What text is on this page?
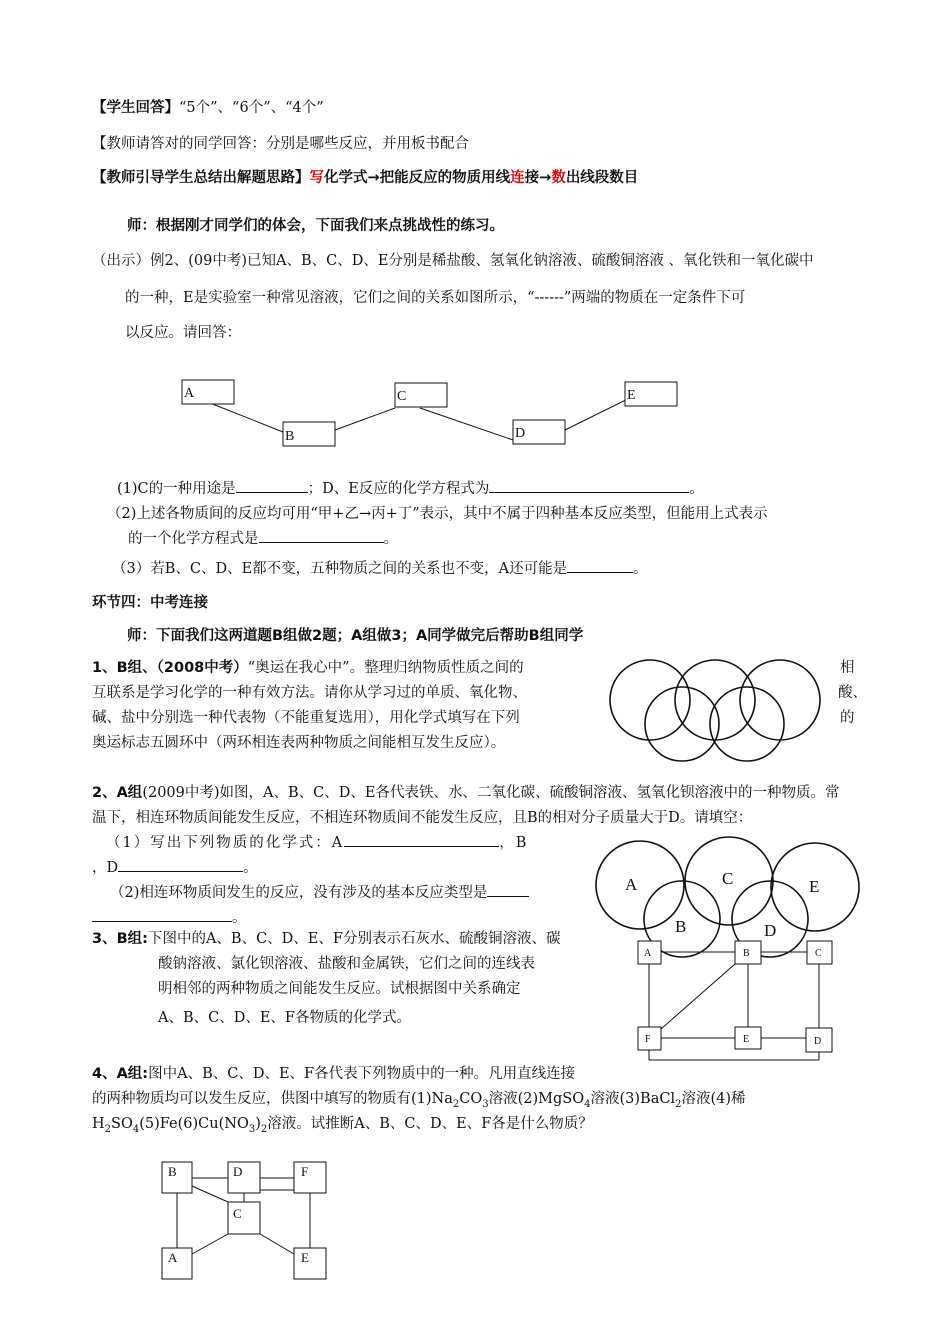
【学生回答】“5个”、“6个”、“4个”
【教师请答对的同学回答：分别是哪些反应，并用板书配合
【教师引导学生总结出解题思路】写化学式→把能反应的物质用线连接→数出线段数目
师：根据刚才同学们的体会，下面我们来点挑战性的练习。
（出示）例2、(09中考)已知A、B、C、D、E分别是稀盐酸、氢氧化钠溶液、硫酸铜溶液 、氧化铁和一氧化碳中
的一种，E是实验室一种常见溶液，它们之间的关系如图所示，“------”两端的物质在一定条件下可
以反应。请回答：
A
B
C
D
E
(1)C的一种用途是	；D、E反应的化学方程式为	。
（2)上述各物质间的反应均可用“甲+乙→丙+丁”表示，其中不属于四种基本反应类型，但能用上式表示
的一个化学方程式是	。
（3）若B、C、D、E都不变，五种物质之间的关系也不变，A还可能是	。
环节四：中考连接
师：下面我们这两道题B组做2题；A组做3；A同学做完后帮助B组同学
1、B组、（2008中考）“奥运在我心中”。整理归纳物质性质之间的	相
互联系是学习化学的一种有效方法。请你从学习过的单质、氧化物、	酸、
碱、盐中分别选一种代表物（不能重复选用），用化学式填写在下列	的
奥运标志五圆环中（两环相连表两种物质之间能相互发生反应）。
2、A组(2009中考)如图，A、B、C、D、E各代表铁、水、二氧化碳、硫酸铜溶液、氢氧化钡溶液中的一种物质。常
温下，相连环物质间能发生反应，不相连环物质间不能发生反应，且B的相对分子质量大于D。请填空：
（1）写出下列物质的化学式：A	，B
，D	。
（2)相连环物质间发生的反应，没有涉及的基本反应类型是
。
A
B
C
D
E
3、B组:下图中的A、B、C、D、E、F分别表示石灰水、硫酸铜溶液、碳
酸钠溶液、氯化钡溶液、盐酸和金属铁，它们之间的连线表
明相邻的两种物质之间能发生反应。试根据图中关系确定
A、B、C、D、E、F各物质的化学式。
A	B	C
F	E	D
4、A组:图中A、B、C、D、E、F各代表下列物质中的一种。凡用直线连接
的两种物质均可以发生反应，供图中填写的物质有$(1)Na_2CO_3$溶液(2)MgSO$_4$溶液(3)BaCl$_2$溶液(4)稀
$H_2SO_4(5)Fe(6)Cu(NO_3)_2$溶液。试推断A、B、C、D、E、F各是什么物质？
B	D	F
C
A	E
